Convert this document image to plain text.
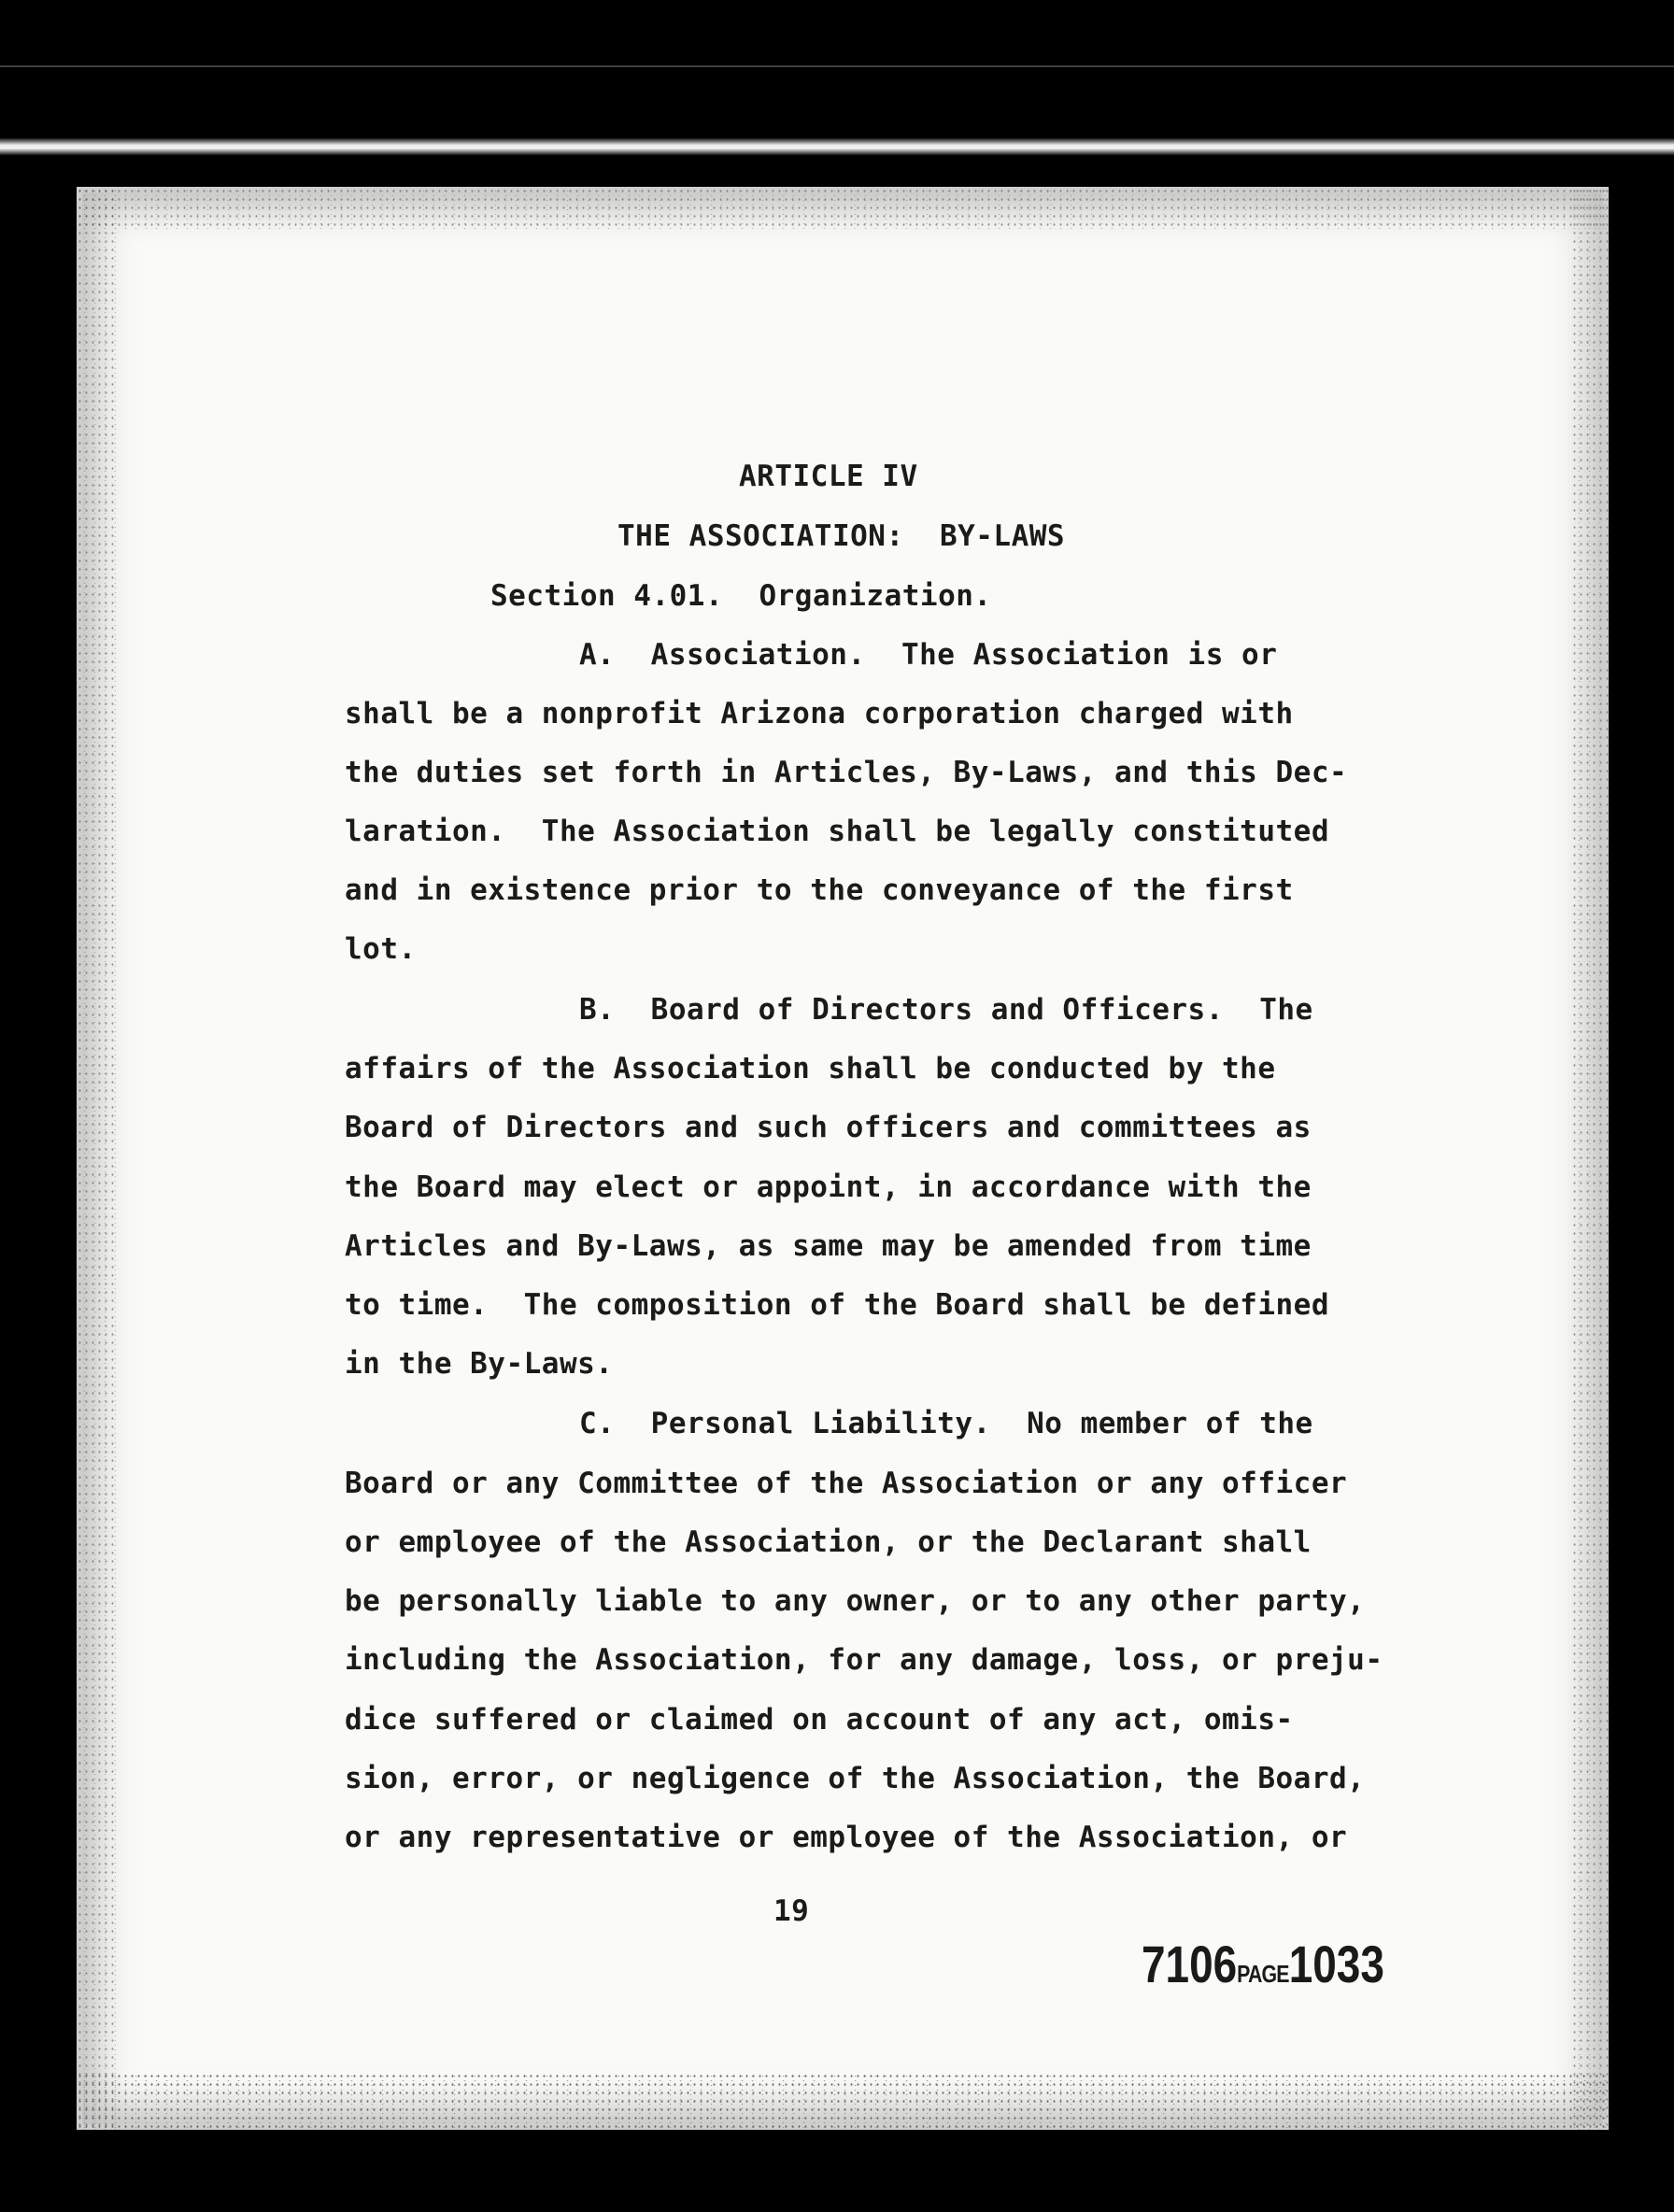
ARTICLE IV
THE ASSOCIATION:  BY-LAWS
Section 4.01.  Organization.
A.  Association.  The Association is or
shall be a nonprofit Arizona corporation charged with
the duties set forth in Articles, By-Laws, and this Dec-
laration.  The Association shall be legally constituted
and in existence prior to the conveyance of the first
lot.
B.  Board of Directors and Officers.  The
affairs of the Association shall be conducted by the
Board of Directors and such officers and committees as
the Board may elect or appoint, in accordance with the
Articles and By-Laws, as same may be amended from time
to time.  The composition of the Board shall be defined
in the By-Laws.
C.  Personal Liability.  No member of the
Board or any Committee of the Association or any officer
or employee of the Association, or the Declarant shall
be personally liable to any owner, or to any other party,
including the Association, for any damage, loss, or preju-
dice suffered or claimed on account of any act, omis-
sion, error, or negligence of the Association, the Board,
or any representative or employee of the Association, or
19
7106PAGE1033
